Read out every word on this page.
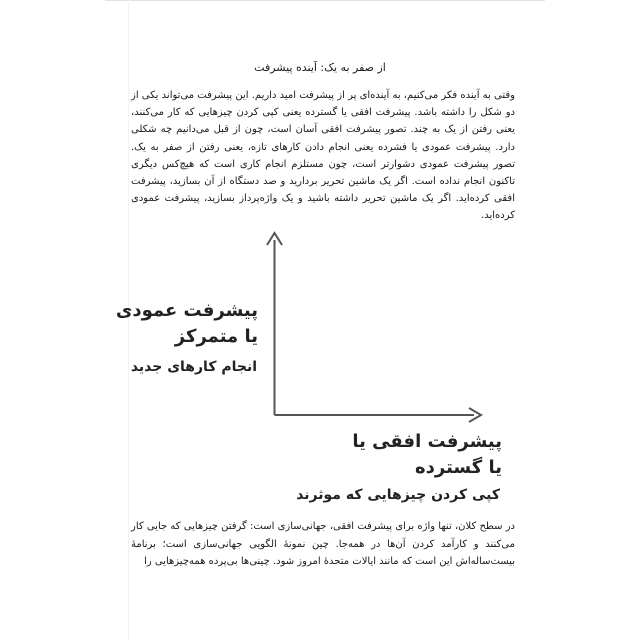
از صفر به یک: آینده پیشرفت

وقتی به آینده فکر می‌کنیم، به آینده‌ای پر از پیشرفت امید داریم. این پیشرفت می‌تواند یکی از دو شکل را داشته باشد. پیشرفت افقی یا گسترده یعنی کپی کردن چیزهایی که کار می‌کنند، یعنی رفتن از یک به چند. تصور پیشرفت افقی آسان است، چون از قبل می‌دانیم چه شکلی دارد. پیشرفت عمودی یا فشرده یعنی انجام دادن کارهای تازه، یعنی رفتن از صفر به یک. تصور پیشرفت عمودی دشوارتر است، چون مستلزم انجام کاری است که هیچ‌کس دیگری تاکنون انجام نداده است. اگر یک ماشین تحریر بردارید و صد دستگاه از آن بسازید، پیشرفت افقی کرده‌اید. اگر یک ماشین تحریر داشته باشید و یک واژه‌پرداز بسازید، پیشرفت عمودی کرده‌اید.

پیشرفت عمودی
یا متمرکز
انجام کارهای جدید
پیشرفت افقی یا
یا گسترده
کپی کردن چیزهایی که موثرند

در سطح کلان، تنها واژه برای پیشرفت افقی، جهانی‌سازی است: گرفتن چیزهایی که جایی کار می‌کنند و کارآمد کردن آن‌ها در همه‌جا. چین نمونهٔ الگویی جهانی‌سازی است؛ برنامهٔ بیست‌ساله‌اش این است که مانند ایالات متحدهٔ امروز شود. چینی‌ها بی‌پرده همه‌چیزهایی را
